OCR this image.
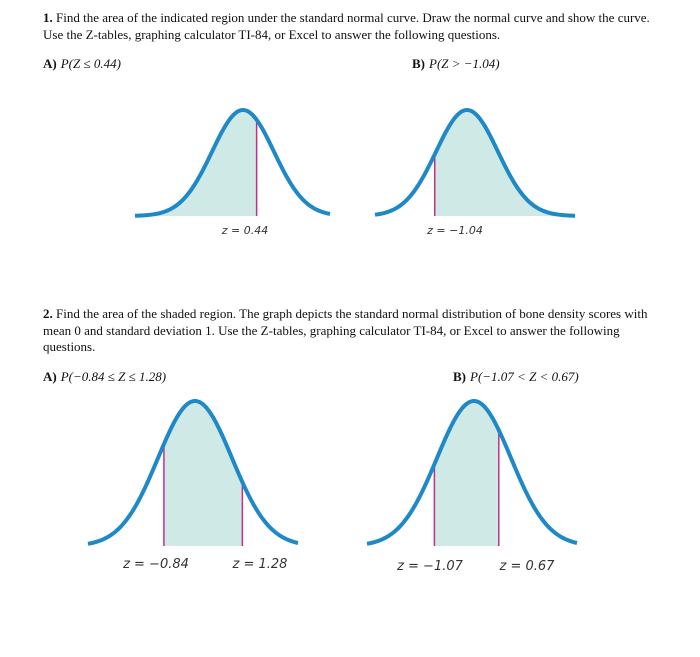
1. Find the area of the indicated region under the standard normal curve. Draw the normal curve and show the curve. Use the Z-tables, graphing calculator TI-84, or Excel to answer the following questions.

A) P(Z ≤ 0.44)	B) P(Z > −1.04)

z = 0.44	z = −1.04

2. Find the area of the shaded region. The graph depicts the standard normal distribution of bone density scores with mean 0 and standard deviation 1. Use the Z-tables, graphing calculator TI-84, or Excel to answer the following questions.

A) P(−0.84 ≤ Z ≤ 1.28)	B) P(−1.07 < Z < 0.67)

z = −0.84	z = 1.28	z = −1.07	z = 0.67
